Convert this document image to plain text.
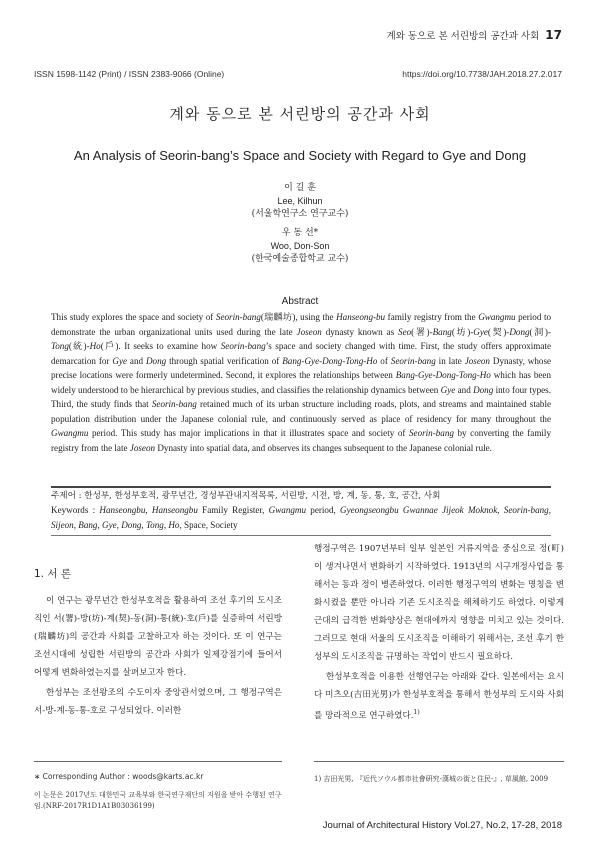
계와 동으로 본 서린방의 공간과 사회 17
ISSN 1598-1142 (Print) / ISSN 2383-9066 (Online)	https://doi.org/10.7738/JAH.2018.27.2.017
계와 동으로 본 서린방의 공간과 사회
An Analysis of Seorin-bang’s Space and Society with Regard to Gye and Dong
이 길 훈
Lee, Kilhun
(서울학연구소 연구교수)
우 동 선*
Woo, Don-Son
(한국예술종합학교 교수)
Abstract
This study explores the space and society of Seorin-bang(瑞麟坊), using the Hanseong-bu family registry from the Gwangmu period to demonstrate the urban organizational units used during the late Joseon dynasty known as Seo(署)-Bang(坊)-Gye(契)-Dong(洞)-Tong(統)-Ho(戶). It seeks to examine how Seorin-bang’s space and society changed with time. First, the study offers approximate demarcation for Gye and Dong through spatial verification of Bang-Gye-Dong-Tong-Ho of Seorin-bang in late Joseon Dynasty, whose precise locations were formerly undetermined. Second, it explores the relationships between Bang-Gye-Dong-Tong-Ho which has been widely understood to be hierarchical by previous studies, and classifies the relationship dynamics between Gye and Dong into four types. Third, the study finds that Seorin-bang retained much of its urban structure including roads, plots, and streams and maintained stable population distribution under the Japanese colonial rule, and continuously served as place of residency for many throughout the Gwangmu period. This study has major implications in that it illustrates space and society of Seorin-bang by converting the family registry from the late Joseon Dynasty into spatial data, and observes its changes subsequent to the Japanese colonial rule.
주제어 : 한성부, 한성부호적, 광무년간, 경성부관내지적목록, 서린방, 시전, 방, 계, 동, 통, 호, 공간, 사회
Keywords : Hanseongbu, Hanseongbu Family Register, Gwangmu period, Gyeongseongbu Gwannae Jijeok Moknok, Seorin-bang, Sijeon, Bang, Gye, Dong, Tong, Ho, Space, Society
1. 서 론

이 연구는 광무년간 한성부호적을 활용하여 조선 후기의 도시조직인 서(署)-방(坊)-계(契)-동(洞)-통(統)-호(戶)를 실증하여 서린방(瑞麟坊)의 공간과 사회를 고찰하고자 하는 것이다. 또 이 연구는 조선시대에 성립한 서린방의 공간과 사회가 일제강점기에 들어서 어떻게 변화하였는지를 살펴보고자 한다.

한성부는 조선왕조의 수도이자 중앙관서였으며, 그 행정구역은 서-방-계-동-통-호로 구성되었다. 이러한

행정구역은 1907년부터 일부 일본인 거류지역을 중심으로 정(町)이 생겨나면서 변화하기 시작하였다. 1913년의 시구개정사업을 통해서는 동과 정이 병존하였다. 이러한 행정구역의 변화는 명칭을 변화시켰을 뿐만 아니라 기존 도시조직을 해체하기도 하였다. 이렇게 근대의 급격한 변화양상은 현대에까지 영향을 미치고 있는 것이다. 그러므로 현대 서울의 도시조직을 이해하기 위해서는, 조선 후기 한성부의 도시조직을 규명하는 작업이 반드시 필요하다.

한성부호적을 이용한 선행연구는 아래와 같다. 일본에서는 요시다 미츠오(吉田光男)가 한성부호적을 통해서 한성부의 도시와 사회를 망라적으로 연구하였다.$^{1)}$

∗ Corresponding Author : woods@karts.ac.kr
이 논문은 2017년도 대한민국 교육부와 한국연구재단의 지원을 받아 수행된 연구임.(NRF-2017R1D1A1B03036199)
1) 吉田光男, 『近代ソウル都市社會硏究-漢城の街と住民-』, 草風館, 2009
Journal of Architectural History Vol.27, No.2, 17-28, 2018
